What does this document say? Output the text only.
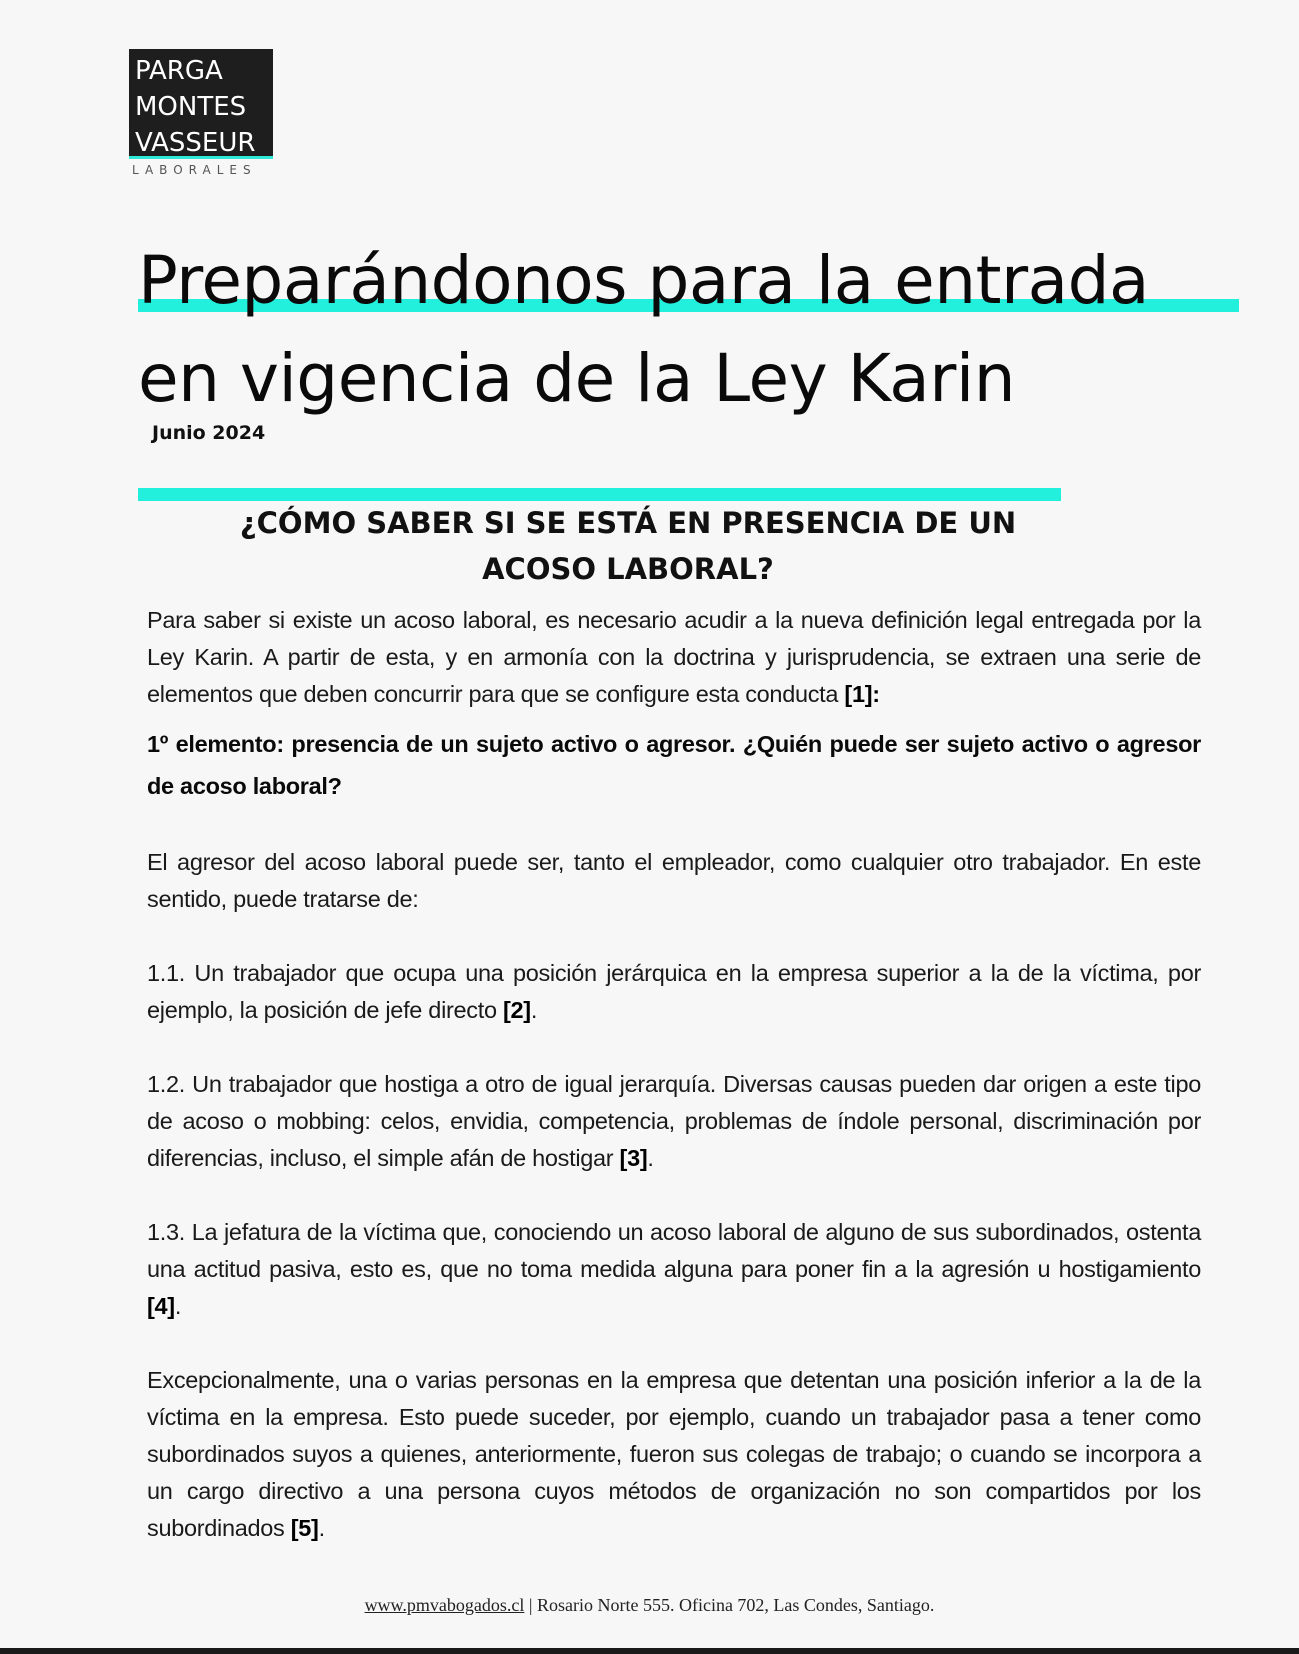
PARGA
MONTES
VASSEUR
LABORALES
Preparándonos para la entrada
en vigencia de la Ley Karin
Junio 2024
¿CÓMO SABER SI SE ESTÁ EN PRESENCIA DE UN
ACOSO LABORAL?

Para saber si existe un acoso laboral, es necesario acudir a la nueva definición legal entregada por la Ley Karin. A partir de esta, y en armonía con la doctrina y jurisprudencia, se extraen una serie de elementos que deben concurrir para que se configure esta conducta [1]:

1º elemento: presencia de un sujeto activo o agresor. ¿Quién puede ser sujeto activo o agresor de acoso laboral?

El agresor del acoso laboral puede ser, tanto el empleador, como cualquier otro trabajador. En este sentido, puede tratarse de:

1.1. Un trabajador que ocupa una posición jerárquica en la empresa superior a la de la víctima, por ejemplo, la posición de jefe directo [2].

1.2. Un trabajador que hostiga a otro de igual jerarquía. Diversas causas pueden dar origen a este tipo de acoso o mobbing: celos, envidia, competencia, problemas de índole personal, discriminación por diferencias, incluso, el simple afán de hostigar [3].

1.3. La jefatura de la víctima que, conociendo un acoso laboral de alguno de sus subordinados, ostenta una actitud pasiva, esto es, que no toma medida alguna para poner fin a la agresión u hostigamiento [4].

Excepcionalmente, una o varias personas en la empresa que detentan una posición inferior a la de la víctima en la empresa. Esto puede suceder, por ejemplo, cuando un trabajador pasa a tener como subordinados suyos a quienes, anteriormente, fueron sus colegas de trabajo; o cuando se incorpora a un cargo directivo a una persona cuyos métodos de organización no son compartidos por los subordinados [5].

www.pmvabogados.cl | Rosario Norte 555. Oficina 702, Las Condes, Santiago.
